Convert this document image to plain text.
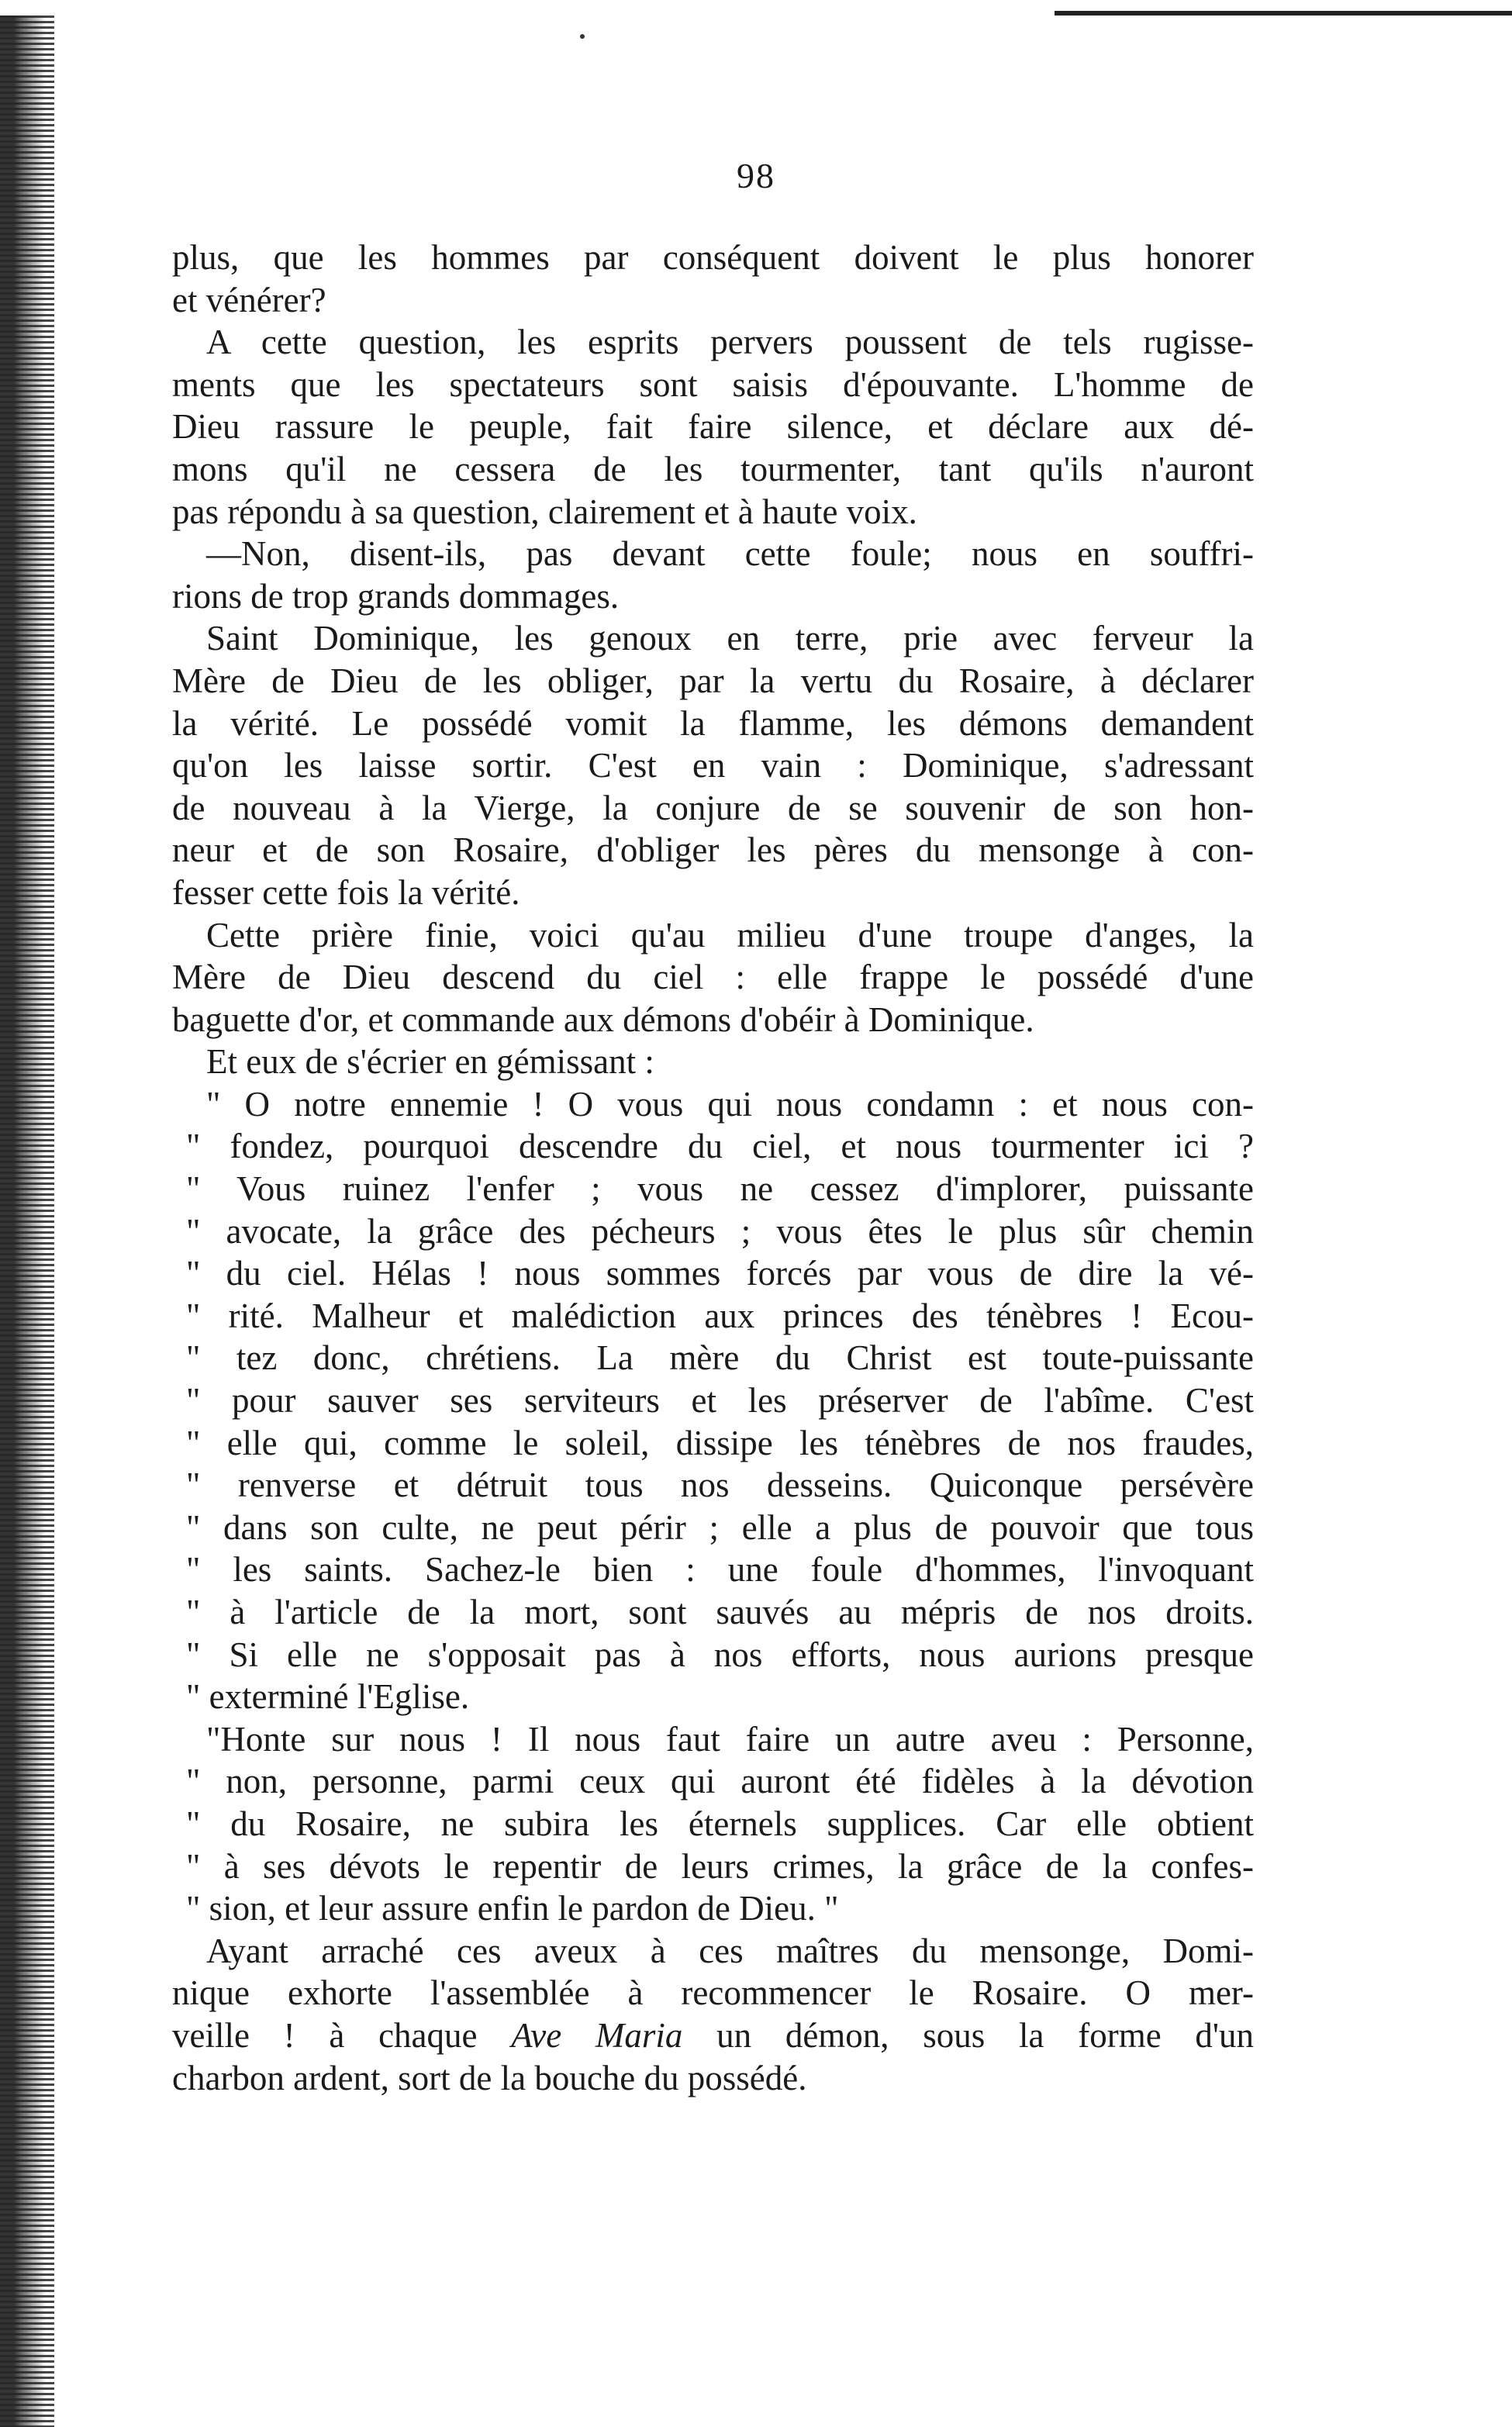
98
plus, que les hommes par conséquent doivent le plus honorer
et vénérer?
A cette question, les esprits pervers poussent de tels rugisse-
ments que les spectateurs sont saisis d'épouvante. L'homme de
Dieu rassure le peuple, fait faire silence, et déclare aux dé-
mons qu'il ne cessera de les tourmenter, tant qu'ils n'auront
pas répondu à sa question, clairement et à haute voix.
—Non, disent-ils, pas devant cette foule; nous en souffri-
rions de trop grands dommages.
Saint Dominique, les genoux en terre, prie avec ferveur la
Mère de Dieu de les obliger, par la vertu du Rosaire, à déclarer
la vérité. Le possédé vomit la flamme, les démons demandent
qu'on les laisse sortir. C'est en vain : Dominique, s'adressant
de nouveau à la Vierge, la conjure de se souvenir de son hon-
neur et de son Rosaire, d'obliger les pères du mensonge à con-
fesser cette fois la vérité.
Cette prière finie, voici qu'au milieu d'une troupe d'anges, la
Mère de Dieu descend du ciel : elle frappe le possédé d'une
baguette d'or, et commande aux démons d'obéir à Dominique.
Et eux de s'écrier en gémissant :
" O notre ennemie ! O vous qui nous condamn : et nous con-
" fondez, pourquoi descendre du ciel, et nous tourmenter ici ?
" Vous ruinez l'enfer ; vous ne cessez d'implorer, puissante
" avocate, la grâce des pécheurs ; vous êtes le plus sûr chemin
" du ciel. Hélas ! nous sommes forcés par vous de dire la vé-
" rité. Malheur et malédiction aux princes des ténèbres ! Ecou-
" tez donc, chrétiens. La mère du Christ est toute-puissante
" pour sauver ses serviteurs et les préserver de l'abîme. C'est
" elle qui, comme le soleil, dissipe les ténèbres de nos fraudes,
" renverse et détruit tous nos desseins. Quiconque persévère
" dans son culte, ne peut périr ; elle a plus de pouvoir que tous
" les saints. Sachez-le bien : une foule d'hommes, l'invoquant
" à l'article de la mort, sont sauvés au mépris de nos droits.
" Si elle ne s'opposait pas à nos efforts, nous aurions presque
" exterminé l'Eglise.
"Honte sur nous ! Il nous faut faire un autre aveu : Personne,
" non, personne, parmi ceux qui auront été fidèles à la dévotion
" du Rosaire, ne subira les éternels supplices. Car elle obtient
" à ses dévots le repentir de leurs crimes, la grâce de la confes-
" sion, et leur assure enfin le pardon de Dieu. "
Ayant arraché ces aveux à ces maîtres du mensonge, Domi-
nique exhorte l'assemblée à recommencer le Rosaire. O mer-
veille ! à chaque Ave Maria un démon, sous la forme d'un
charbon ardent, sort de la bouche du possédé.
